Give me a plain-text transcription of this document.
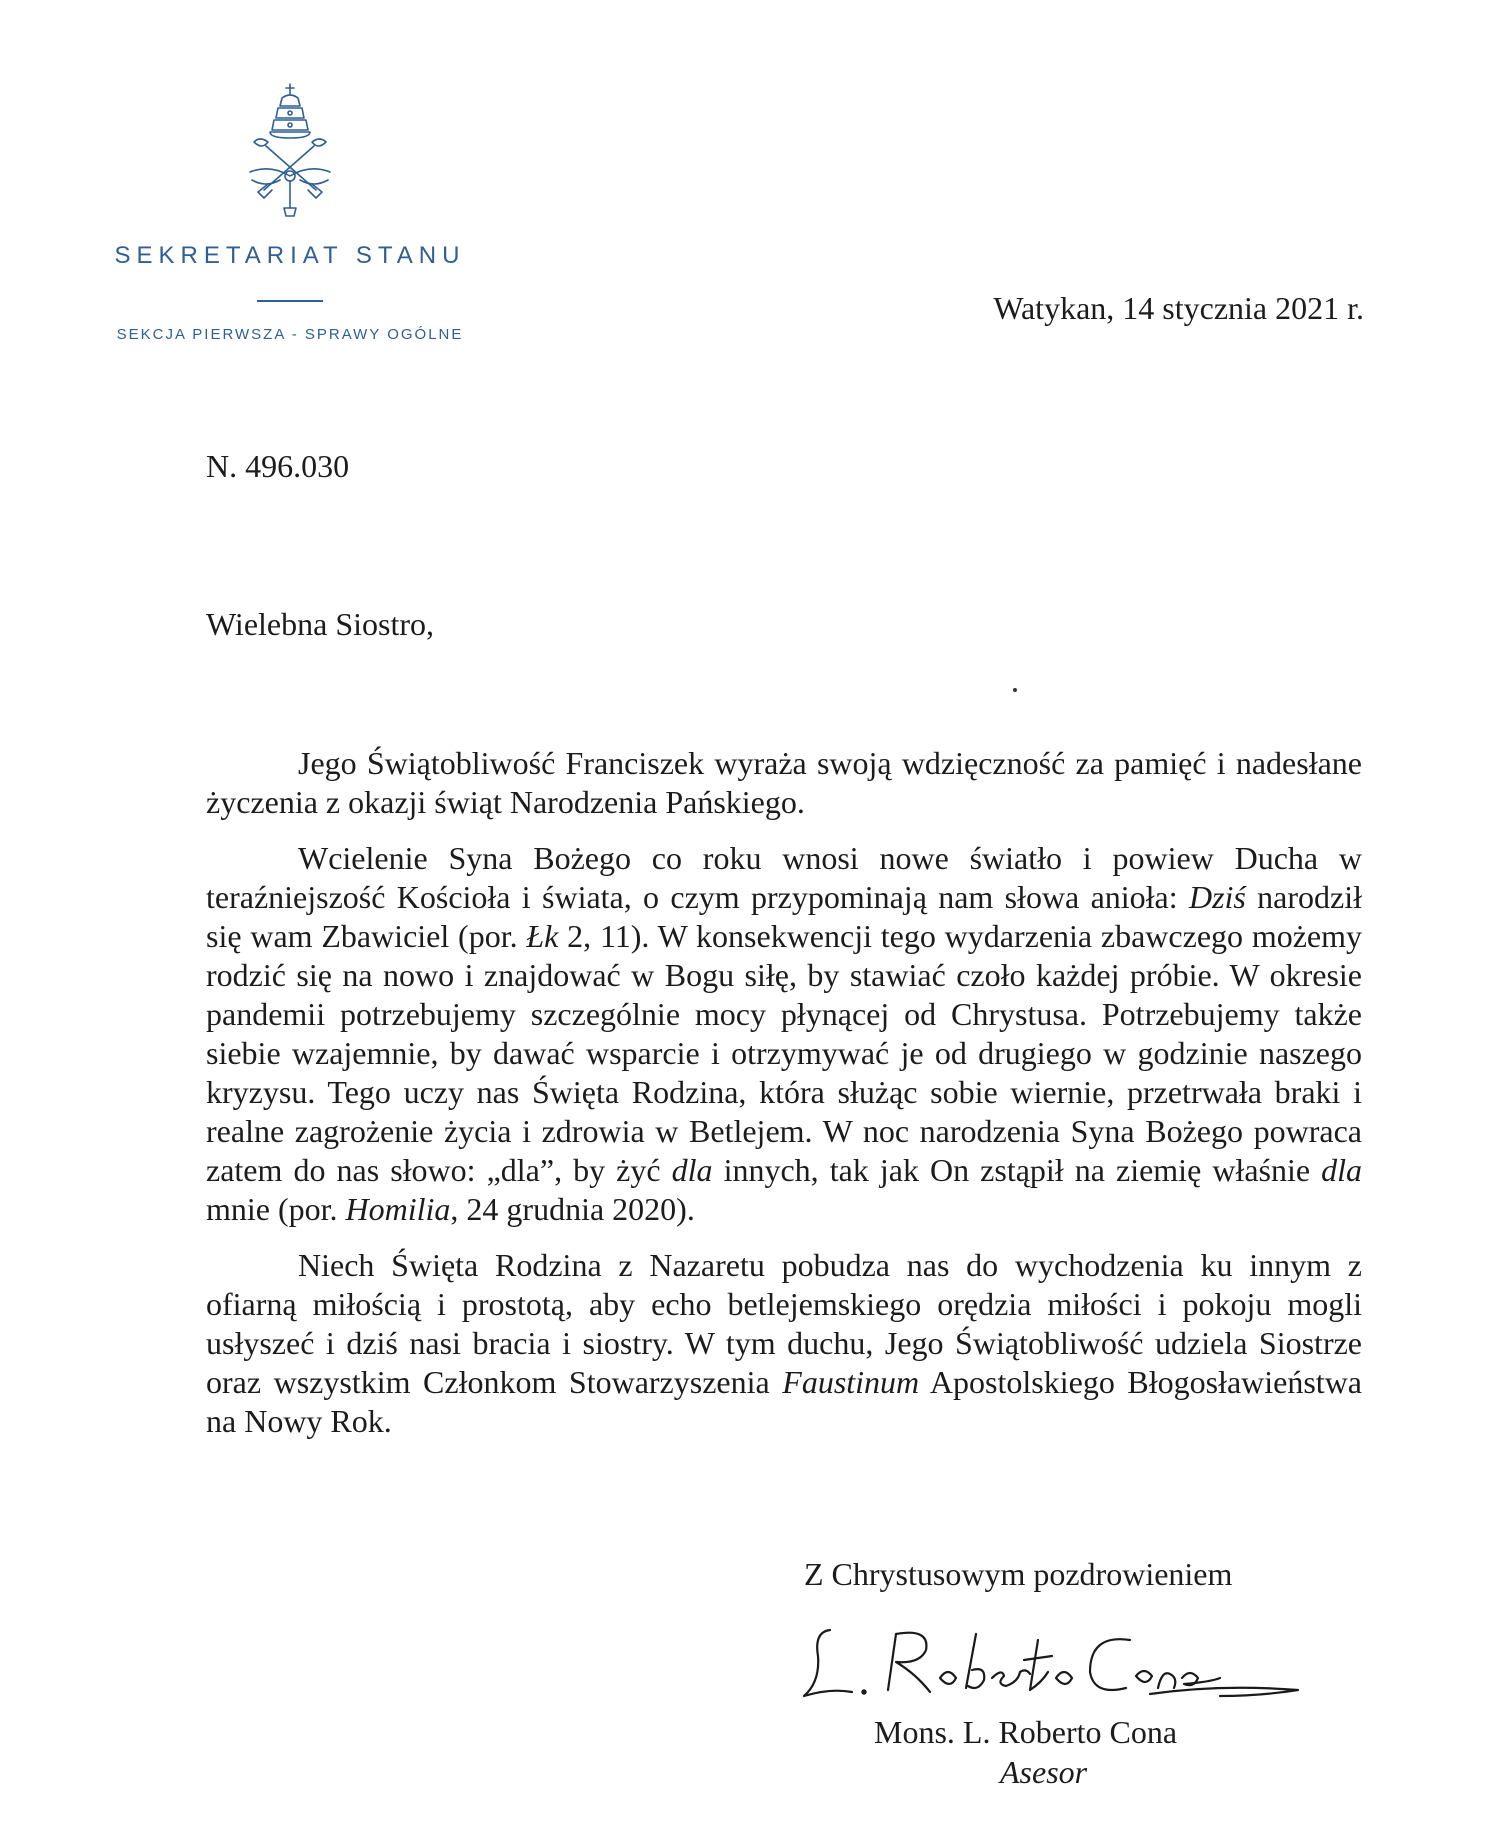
SEKRETARIAT STANU
SEKCJA PIERWSZA - SPRAWY OGÓLNE
Watykan, 14 stycznia 2021 r.
N. 496.030
Wielebna Siostro,

Jego Świątobliwość Franciszek wyraża swoją wdzięczność za pamięć i nadesłane życzenia z okazji świąt Narodzenia Pańskiego.

Wcielenie Syna Bożego co roku wnosi nowe światło i powiew Ducha w teraźniejszość Kościoła i świata, o czym przypominają nam słowa anioła: Dziś narodził się wam Zbawiciel (por. Łk 2, 11). W konsekwencji tego wydarzenia zbawczego możemy rodzić się na nowo i znajdować w Bogu siłę, by stawiać czoło każdej próbie. W okresie pandemii potrzebujemy szczególnie mocy płynącej od Chrystusa. Potrzebujemy także siebie wzajemnie, by dawać wsparcie i otrzymywać je od drugiego w godzinie naszego kryzysu. Tego uczy nas Święta Rodzina, która służąc sobie wiernie, przetrwała braki i realne zagrożenie życia i zdrowia w Betlejem. W noc narodzenia Syna Bożego powraca zatem do nas słowo: „dla”, by żyć dla innych, tak jak On zstąpił na ziemię właśnie dla mnie (por. Homilia, 24 grudnia 2020).

Niech Święta Rodzina z Nazaretu pobudza nas do wychodzenia ku innym z ofiarną miłością i prostotą, aby echo betlejemskiego orędzia miłości i pokoju mogli usłyszeć i dziś nasi bracia i siostry. W tym duchu, Jego Świątobliwość udziela Siostrze oraz wszystkim Członkom Stowarzyszenia Faustinum Apostolskiego Błogosławieństwa na Nowy Rok.

Z Chrystusowym pozdrowieniem
Mons. L. Roberto Cona
Asesor
